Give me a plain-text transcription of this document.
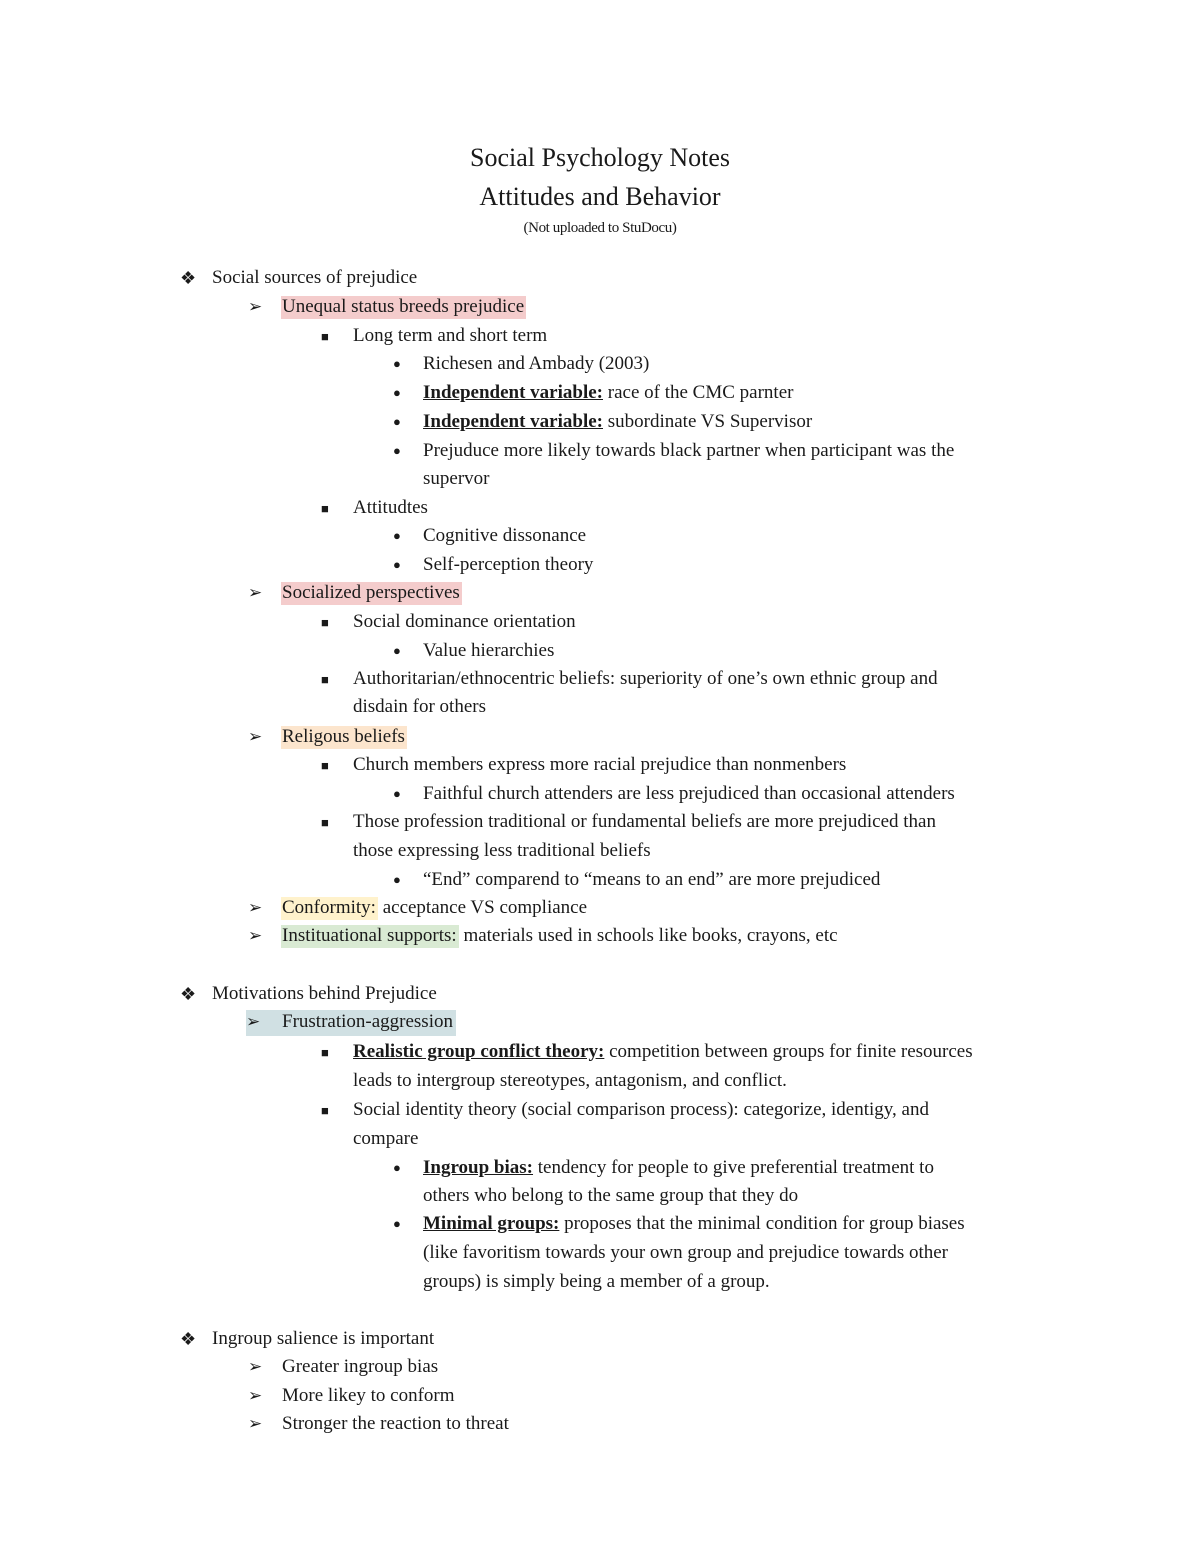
Social Psychology Notes
Attitudes and Behavior
(Not uploaded to StuDocu)
❖ Social sources of prejudice
➢ Unequal status breeds prejudice
■ Long term and short term
● Richesen and Ambady (2003)
● Independent variable: race of the CMC parnter
● Independent variable: subordinate VS Supervisor
● Prejuduce more likely towards black partner when participant was the
supervor
■ Attitudtes
● Cognitive dissonance
● Self-perception theory
➢ Socialized perspectives
■ Social dominance orientation
● Value hierarchies
■ Authoritarian/ethnocentric beliefs: superiority of one’s own ethnic group and
disdain for others
➢ Religous beliefs
■ Church members express more racial prejudice than nonmenbers
● Faithful church attenders are less prejudiced than occasional attenders
■ Those profession traditional or fundamental beliefs are more prejudiced than
those expressing less traditional beliefs
● “End” comparend to “means to an end” are more prejudiced
➢ Conformity: acceptance VS compliance
➢ Instituational supports: materials used in schools like books, crayons, etc
❖ Motivations behind Prejudice
➢ Frustration-aggression
■ Realistic group conflict theory: competition between groups for finite resources
leads to intergroup stereotypes, antagonism, and conflict.
■ Social identity theory (social comparison process): categorize, identigy, and
compare
● Ingroup bias: tendency for people to give preferential treatment to
others who belong to the same group that they do
● Minimal groups: proposes that the minimal condition for group biases
(like favoritism towards your own group and prejudice towards other
groups) is simply being a member of a group.
❖ Ingroup salience is important
➢ Greater ingroup bias
➢ More likey to conform
➢ Stronger the reaction to threat
